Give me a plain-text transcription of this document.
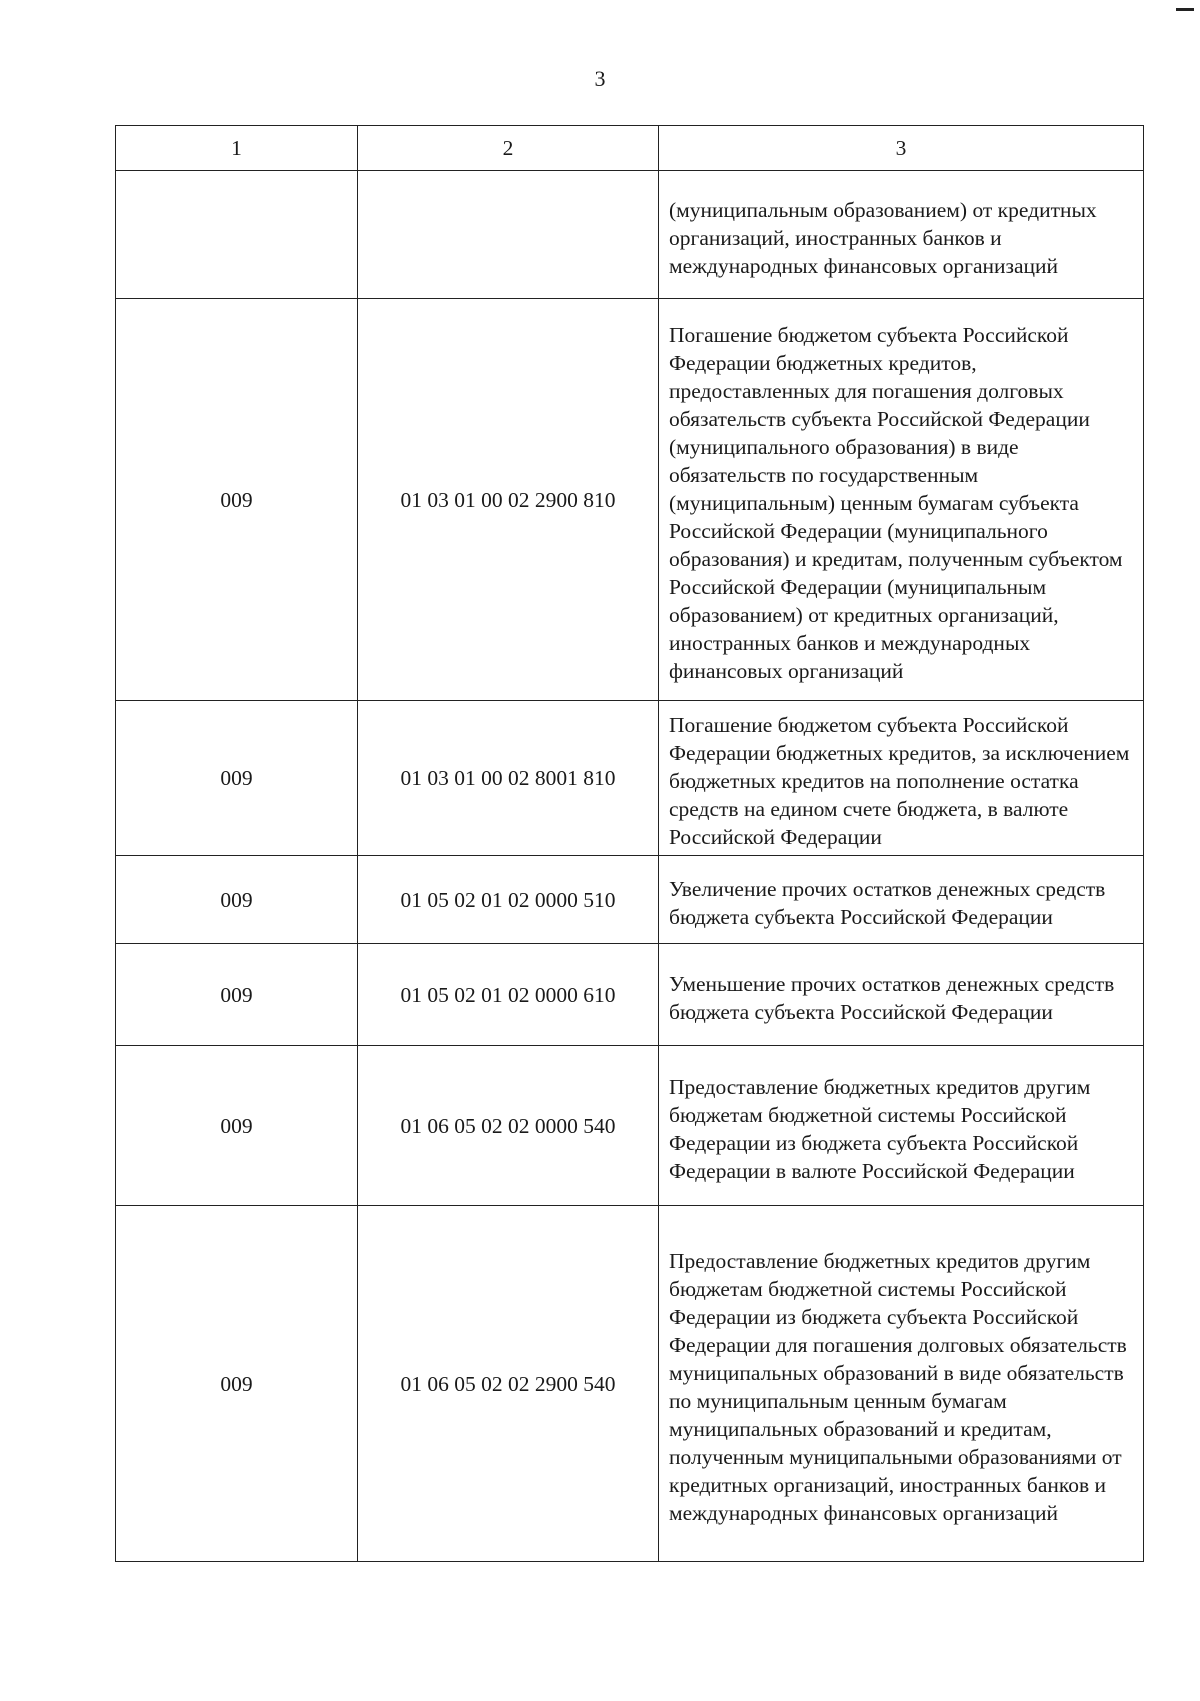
3
1	2	3
		(муниципальным образованием) от кредитных организаций, иностранных банков и международных финансовых организаций
009	01 03 01 00 02 2900 810	Погашение бюджетом субъекта Российской Федерации бюджетных кредитов, предоставленных для погашения долговых обязательств субъекта Российской Федерации (муниципального образования) в виде обязательств по государственным (муниципальным) ценным бумагам субъекта Российской Федерации (муниципального образования) и кредитам, полученным субъектом Российской Федерации (муниципальным образованием) от кредитных организаций, иностранных банков и международных финансовых организаций
009	01 03 01 00 02 8001 810	Погашение бюджетом субъекта Российской Федерации бюджетных кредитов, за исключением бюджетных кредитов на пополнение остатка средств на едином счете бюджета, в валюте Российской Федерации
009	01 05 02 01 02 0000 510	Увеличение прочих остатков денежных средств бюджета субъекта Российской Федерации
009	01 05 02 01 02 0000 610	Уменьшение прочих остатков денежных средств бюджета субъекта Российской Федерации
009	01 06 05 02 02 0000 540	Предоставление бюджетных кредитов другим бюджетам бюджетной системы Российской Федерации из бюджета субъекта Российской Федерации в валюте Российской Федерации
009	01 06 05 02 02 2900 540	Предоставление бюджетных кредитов другим бюджетам бюджетной системы Российской Федерации из бюджета субъекта Российской Федерации для погашения долговых обязательств муниципальных образований в виде обязательств по муниципальным ценным бумагам муниципальных образований и кредитам, полученным муниципальными образованиями от кредитных организаций, иностранных банков и международных финансовых организаций
